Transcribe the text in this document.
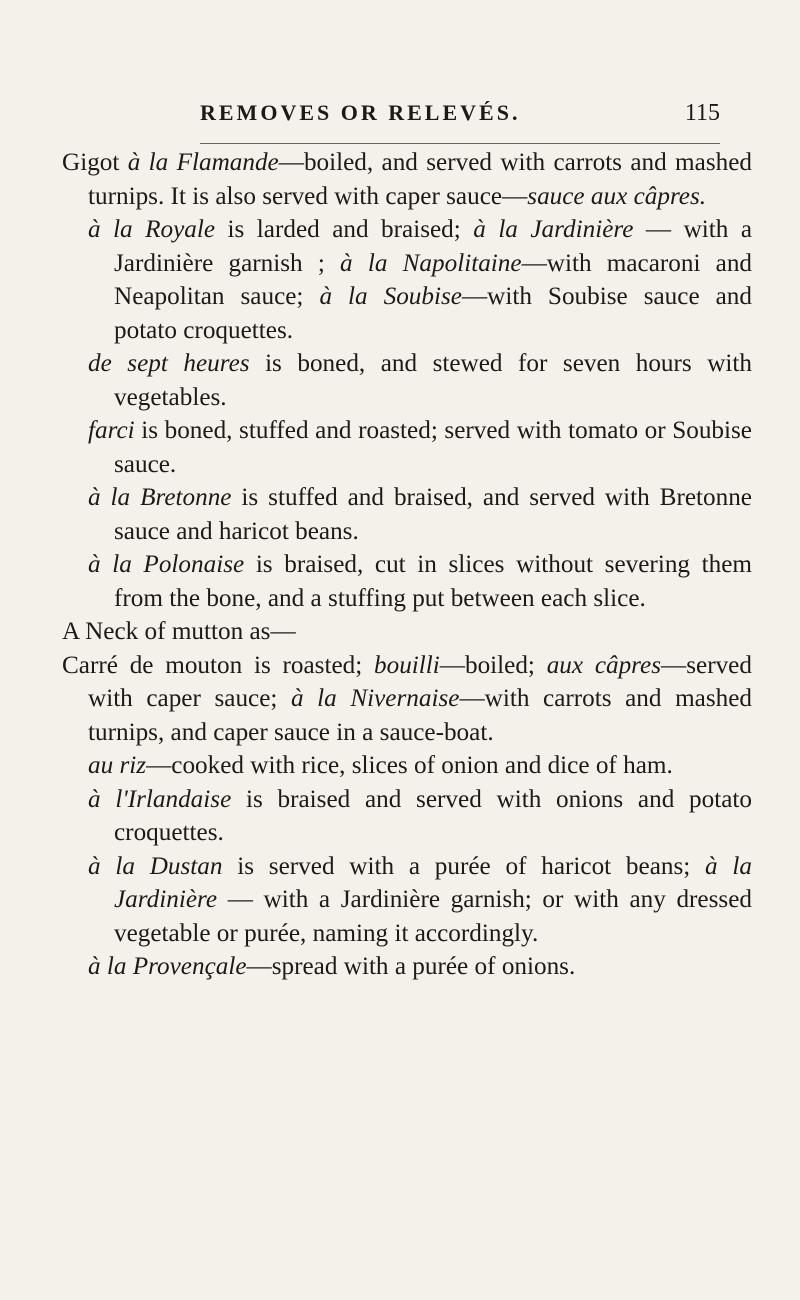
REMOVES OR RELEVÉS.	115

Gigot à la Flamande—boiled, and served with carrots and mashed turnips. It is also served with caper sauce—sauce aux câpres.

à la Royale is larded and braised; à la Jardinière — with a Jardinière garnish ; à la Napolitaine—with macaroni and Neapolitan sauce; à la Soubise—with Soubise sauce and potato croquettes.

de sept heures is boned, and stewed for seven hours with vegetables.

farci is boned, stuffed and roasted; served with tomato or Soubise sauce.

à la Bretonne is stuffed and braised, and served with Bretonne sauce and haricot beans.

à la Polonaise is braised, cut in slices without severing them from the bone, and a stuffing put between each slice.

A Neck of mutton as—

Carré de mouton is roasted; bouilli—boiled; aux câpres—served with caper sauce; à la Nivernaise—with carrots and mashed turnips, and caper sauce in a sauce-boat.

au riz—cooked with rice, slices of onion and dice of ham.

à l'Irlandaise is braised and served with onions and potato croquettes.

à la Dustan is served with a purée of haricot beans; à la Jardinière — with a Jardinière garnish; or with any dressed vegetable or purée, naming it accordingly.

à la Provençale—spread with a purée of onions.
